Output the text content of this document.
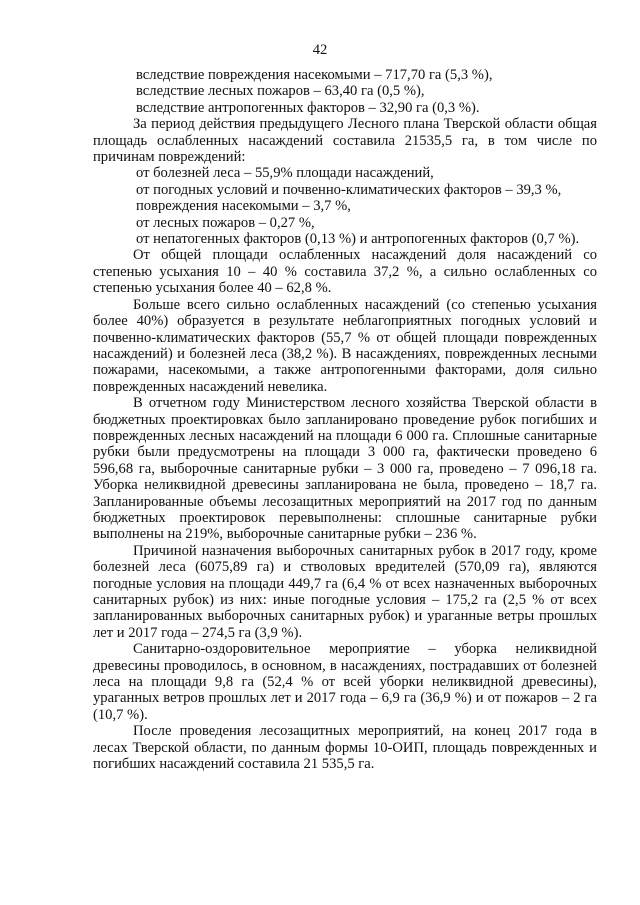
42

вследствие повреждения насекомыми – 717,70 га (5,3 %),

вследствие лесных пожаров – 63,40 га (0,5 %),

вследствие антропогенных факторов – 32,90 га (0,3 %).

За период действия предыдущего Лесного плана Тверской области общая площадь ослабленных насаждений составила 21535,5 га, в том числе по причинам повреждений:

от болезней леса – 55,9% площади насаждений,

от погодных условий и почвенно-климатических факторов – 39,3 %,

повреждения насекомыми – 3,7 %,

от лесных пожаров – 0,27 %,

от непатогенных факторов (0,13 %) и антропогенных факторов (0,7 %).

От общей площади ослабленных насаждений доля насаждений со степенью усыхания 10 – 40 % составила 37,2 %, а сильно ослабленных со степенью усыхания более 40 – 62,8 %.

Больше всего сильно ослабленных насаждений (со степенью усыхания более 40%) образуется в результате неблагоприятных погодных условий и почвенно-климатических факторов (55,7 % от общей площади поврежденных насаждений) и болезней леса (38,2 %). В насаждениях, поврежденных лесными пожарами, насекомыми, а также антропогенными факторами, доля сильно поврежденных насаждений невелика.

В отчетном году Министерством лесного хозяйства Тверской области в бюджетных проектировках было запланировано проведение рубок погибших и поврежденных лесных насаждений на площади 6 000 га. Сплошные санитарные рубки были предусмотрены на площади 3 000 га, фактически проведено 6 596,68 га, выборочные санитарные рубки – 3 000 га, проведено – 7 096,18 га. Уборка неликвидной древесины запланирована не была, проведено – 18,7 га. Запланированные объемы лесозащитных мероприятий на 2017 год по данным бюджетных проектировок перевыполнены: сплошные санитарные рубки выполнены на 219%, выборочные санитарные рубки – 236 %.

Причиной назначения выборочных санитарных рубок в 2017 году, кроме болезней леса (6075,89 га) и стволовых вредителей (570,09 га), являются погодные условия на площади 449,7 га (6,4 % от всех назначенных выборочных санитарных рубок) из них: иные погодные условия – 175,2 га (2,5 % от всех запланированных выборочных санитарных рубок) и ураганные ветры прошлых лет и 2017 года – 274,5 га (3,9 %).

Санитарно-оздоровительное мероприятие – уборка неликвидной древесины проводилось, в основном, в насаждениях, пострадавших от болезней леса на площади 9,8 га (52,4 % от всей уборки неликвидной древесины), ураганных ветров прошлых лет и 2017 года – 6,9 га (36,9 %) и от пожаров – 2 га (10,7 %).

После проведения лесозащитных мероприятий, на конец 2017 года в лесах Тверской области, по данным формы 10-ОИП, площадь поврежденных и погибших насаждений составила 21 535,5 га.
